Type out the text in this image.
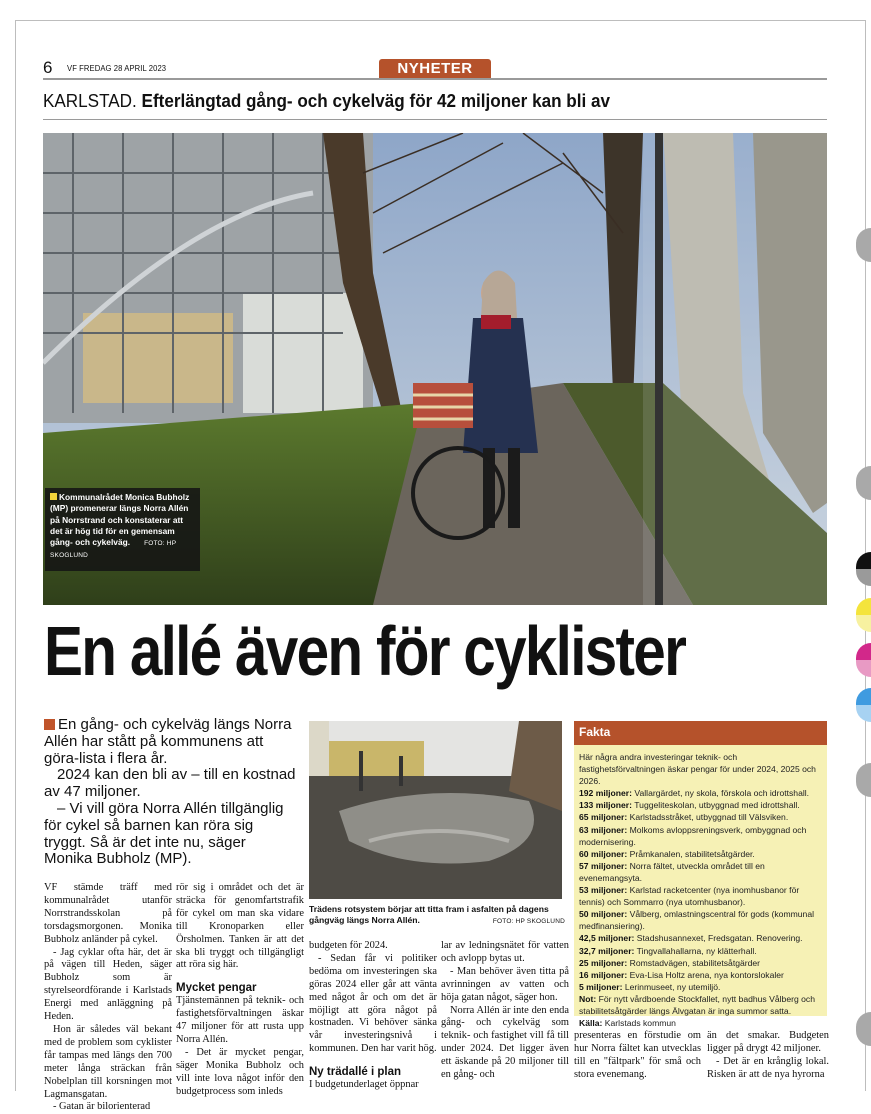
6 VF FREDAG 28 APRIL 2023	NYHETER
KARLSTAD. Efterlängtad gång- och cykelväg för 42 miljoner kan bli av
Kommunalrådet Monica Bubholz (MP) promenerar längs Norra Allén på Norrstrand och konstaterar att det är hög tid för en gemensam gång- och cykelväg. FOTO: HP SKOGLUND
En allé även för cyklister

En gång- och cykelväg längs Norra Allén har stått på kommunens att göra-lista i flera år.

2024 kan den bli av – till en kostnad av 47 miljoner.

– Vi vill göra Norra Allén tillgänglig för cykel så barnen kan röra sig tryggt. Så är det inte nu, säger Monika Bubholz (MP).

VF stämde träff med kommunalrådet utanför Norrstrandsskolan på torsdagsmorgonen. Monika Bubholz anländer på cykel.

- Jag cyklar ofta här, det är på vägen till Heden, säger Bubholz som är styrelseordförande i Karlstads Energi med anläggning på Heden.

Hon är således väl bekant med de problem som cyklister får tampas med längs den 700 meter långa sträckan från Nobelplan till korsningen mot Lagmansgatan.

- Gatan är bilorienterad

rör sig i området och det är sträcka för genomfartstrafik för cykel om man ska vidare till Kronoparken eller Örsholmen. Tanken är att det ska bli tryggt och tillgängligt att röra sig här.

Mycket pengar

Tjänstemännen på teknik- och fastighetsförvaltningen äskar 47 miljoner för att rusta upp Norra Allén.

- Det är mycket pengar, säger Monika Bubholz och vill inte lova något inför den budgetprocess som inleds

Trädens rotsystem börjar att titta fram i asfalten på dagens gångväg längs Norra Allén.	FOTO: HP SKOGLUND

budgeten för 2024.

- Sedan får vi politiker bedöma om investeringen ska göras 2024 eller går att vänta med något år och om det är möjligt att göra något på kostnaden. Vi behöver sänka vår investeringsnivå i kommunen. Den har varit hög.

Ny trädallé i plan

I budgetunderlaget öppnar

lar av ledningsnätet för vatten och avlopp bytas ut.

- Man behöver även titta på avrinningen av vatten och höja gatan något, säger hon.

Norra Allén är inte den enda gång- och cykelväg som teknik- och fastighet vill få till under 2024. Det ligger även ett äskande på 20 miljoner till en gång- och

Fakta

Här några andra investeringar teknik- och fastighetsförvaltningen äskar pengar för under 2024, 2025 och 2026.

192 miljoner: Vallargärdet, ny skola, förskola och idrottshall.

133 miljoner: Tuggeliteskolan, utbyggnad med idrottshall.

65 miljoner: Karlstadsstråket, utbyggnad till Välsviken.

63 miljoner: Molkoms avloppsreningsverk, ombyggnad och modernisering.

60 miljoner: Pråmkanalen, stabilitetsåtgärder.

57 miljoner: Norra fältet, utveckla området till en evenemangsyta.

53 miljoner: Karlstad racketcenter (nya inomhusbanor för tennis) och Sommarro (nya utomhusbanor).

50 miljoner: Vålberg, omlastningscentral för gods (kommunal medfinansiering).

42,5 miljoner: Stadshusannexet, Fredsgatan. Renovering.

32,7 miljoner: Tingvallahallarna, ny klätterhall.

25 miljoner: Romstadvägen, stabilitetsåtgärder

16 miljoner: Eva-Lisa Holtz arena, nya kontorslokaler

5 miljoner: Lerinmuseet, ny utemiljö.

Not: För nytt vårdboende Stockfallet, nytt badhus Vålberg och stabilitetsåtgärder längs Älvgatan är inga summor satta.

Källa: Karlstads kommun

presenteras en förstudie om hur Norra fältet kan utvecklas till en "fältpark" för små och stora evenemang.

än det smakar. Budgeten ligger på drygt 42 miljoner.

- Det är en krånglig lokal. Risken är att de nya hyrorna
